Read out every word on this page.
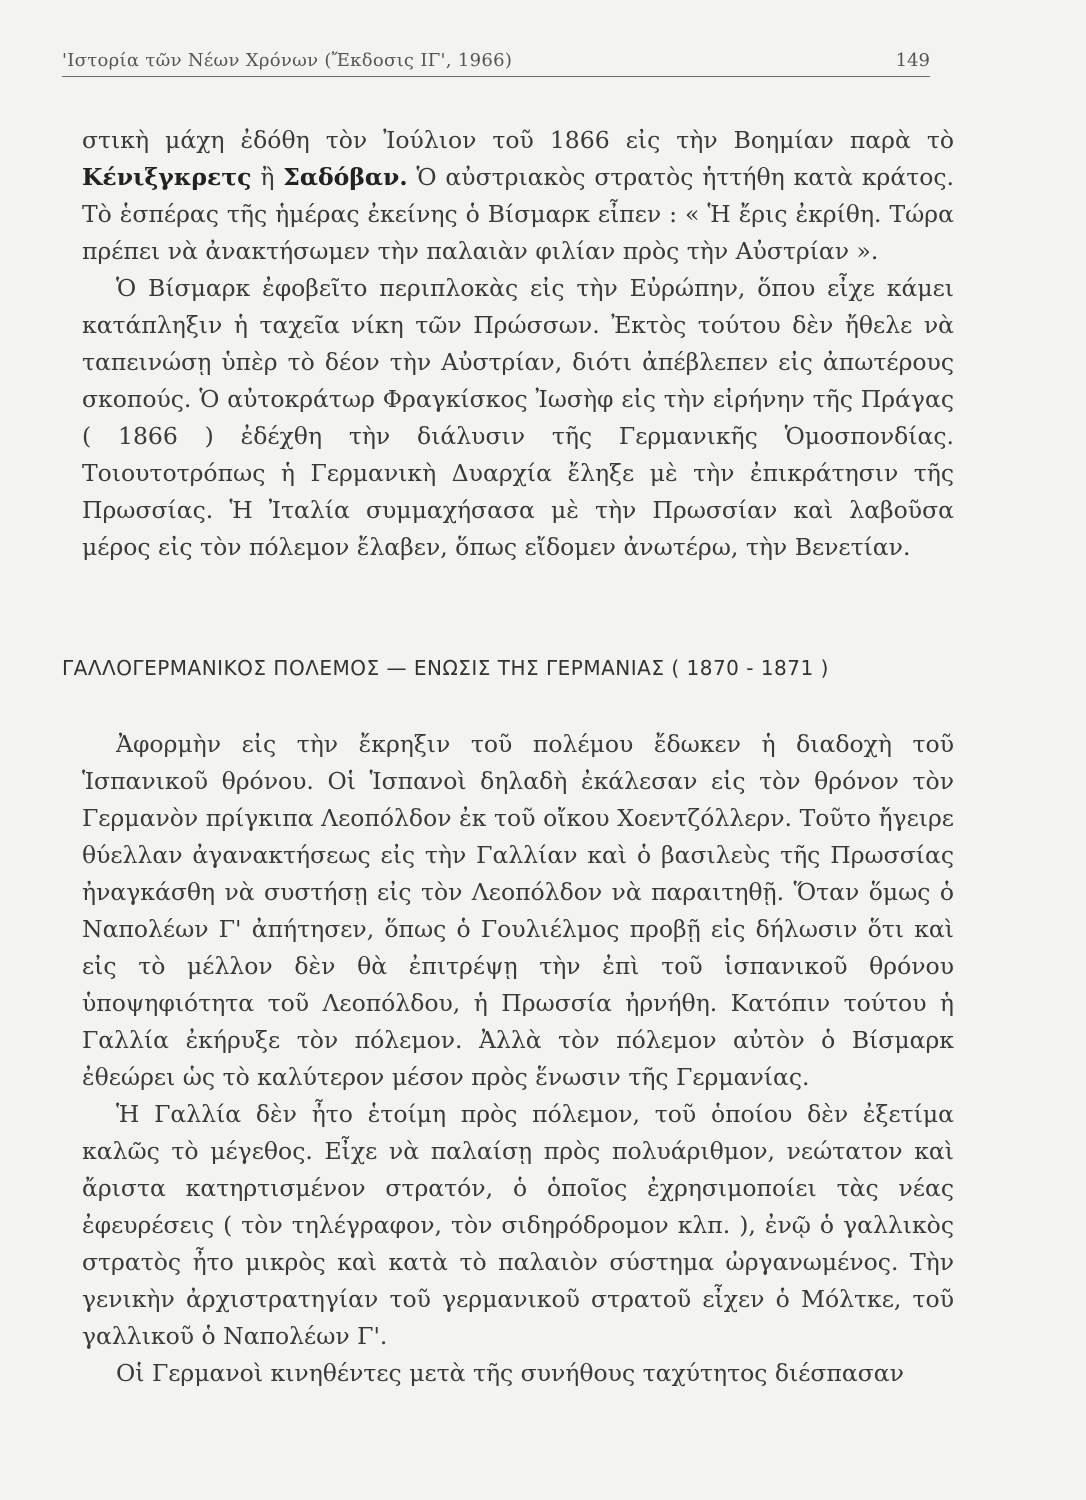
'Ιστορία τῶν Νέων Χρόνων (Ἔκδοσις ΙΓ', 1966)	149

στικὴ μάχη ἐδόθη τὸν Ἰούλιον τοῦ 1866 εἰς τὴν Βοημίαν παρὰ τὸ Κένιξγκρετς ἢ Σαδόβαν. Ὁ αὐστριακὸς στρατὸς ἡττήθη κατὰ κράτος. Τὸ ἑσπέρας τῆς ἡμέρας ἐκείνης ὁ Βίσμαρκ εἶπεν : « Ἡ ἔρις ἐκρίθη. Τώρα πρέπει νὰ ἀνακτήσωμεν τὴν παλαιὰν φιλίαν πρὸς τὴν Αὐστρίαν ».

Ὁ Βίσμαρκ ἐφοβεῖτο περιπλοκὰς εἰς τὴν Εὐρώπην, ὅπου εἶχε κάμει κατάπληξιν ἡ ταχεῖα νίκη τῶν Πρώσσων. Ἐκτὸς τούτου δὲν ἤθελε νὰ ταπεινώσῃ ὑπὲρ τὸ δέον τὴν Αὐστρίαν, διότι ἀπέβλεπεν εἰς ἀπωτέρους σκοπούς. Ὁ αὐτοκράτωρ Φραγκίσκος Ἰωσὴφ εἰς τὴν εἰρήνην τῆς Πράγας ( 1866 ) ἐδέχθη τὴν διάλυσιν τῆς Γερμανικῆς Ὁμοσπονδίας. Τοιουτοτρόπως ἡ Γερμανικὴ Δυαρχία ἔληξε μὲ τὴν ἐπικράτησιν τῆς Πρωσσίας. Ἡ Ἰταλία συμμαχήσασα μὲ τὴν Πρωσσίαν καὶ λαβοῦσα μέρος εἰς τὸν πόλεμον ἔλαβεν, ὅπως εἴδομεν ἀνωτέρω, τὴν Βενετίαν.

ΓΑΛΛΟΓΕΡΜΑΝΙΚΟΣ ΠΟΛΕΜΟΣ — ΕΝΩΣΙΣ ΤΗΣ ΓΕΡΜΑΝΙΑΣ ( 1870 - 1871 )

Ἀφορμὴν εἰς τὴν ἔκρηξιν τοῦ πολέμου ἔδωκεν ἡ διαδοχὴ τοῦ Ἱσπανικοῦ θρόνου. Οἱ Ἱσπανοὶ δηλαδὴ ἐκάλεσαν εἰς τὸν θρόνον τὸν Γερμανὸν πρίγκιπα Λεοπόλδον ἐκ τοῦ οἴκου Χοεντζόλλερν. Τοῦτο ἤγειρε θύελλαν ἀγανακτήσεως εἰς τὴν Γαλλίαν καὶ ὁ βασιλεὺς τῆς Πρωσσίας ἠναγκάσθη νὰ συστήσῃ εἰς τὸν Λεοπόλδον νὰ παραιτηθῇ. Ὅταν ὅμως ὁ Ναπολέων Γ' ἀπήτησεν, ὅπως ὁ Γουλιέλμος προβῇ εἰς δήλωσιν ὅτι καὶ εἰς τὸ μέλλον δὲν θὰ ἐπιτρέψῃ τὴν ἐπὶ τοῦ ἱσπανικοῦ θρόνου ὑποψηφιότητα τοῦ Λεοπόλδου, ἡ Πρωσσία ἠρνήθη. Κατόπιν τούτου ἡ Γαλλία ἐκήρυξε τὸν πόλεμον. Ἀλλὰ τὸν πόλεμον αὐτὸν ὁ Βίσμαρκ ἐθεώρει ὡς τὸ καλύτερον μέσον πρὸς ἕνωσιν τῆς Γερμανίας.

Ἡ Γαλλία δὲν ἦτο ἑτοίμη πρὸς πόλεμον, τοῦ ὁποίου δὲν ἐξετίμα καλῶς τὸ μέγεθος. Εἶχε νὰ παλαίσῃ πρὸς πολυάριθμον, νεώτατον καὶ ἄριστα κατηρτισμένον στρατόν, ὁ ὁποῖος ἐχρησιμοποίει τὰς νέας ἐφευρέσεις ( τὸν τηλέγραφον, τὸν σιδηρόδρομον κλπ. ), ἐνῷ ὁ γαλλικὸς στρατὸς ἦτο μικρὸς καὶ κατὰ τὸ παλαιὸν σύστημα ὠργανωμένος. Τὴν γενικὴν ἀρχιστρατηγίαν τοῦ γερμανικοῦ στρατοῦ εἶχεν ὁ Μόλτκε, τοῦ γαλλικοῦ ὁ Ναπολέων Γ'.

Οἱ Γερμανοὶ κινηθέντες μετὰ τῆς συνήθους ταχύτητος διέσπασαν
